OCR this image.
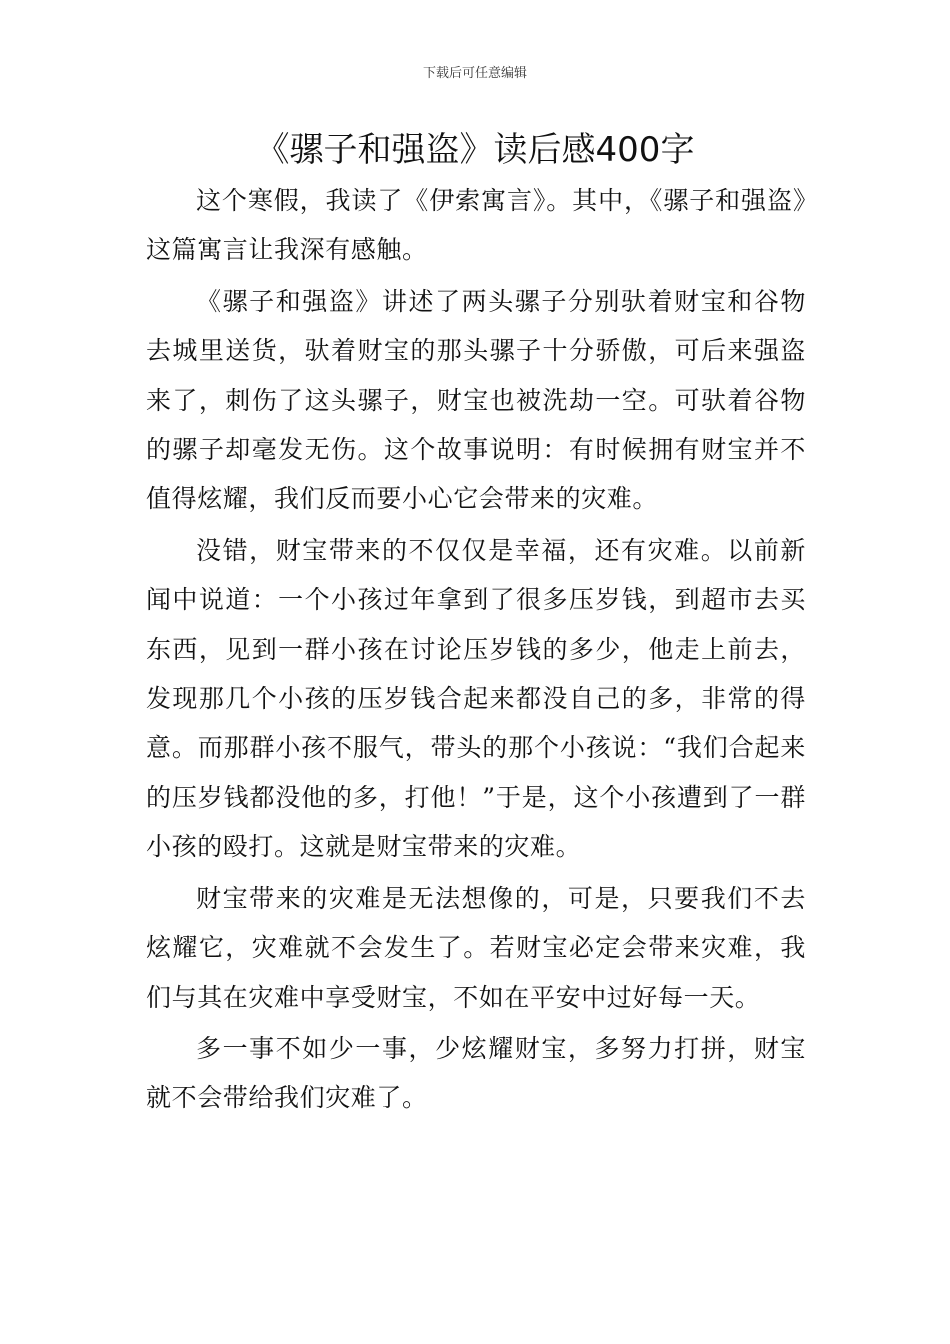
下载后可任意编辑
《骡子和强盗》读后感400字

这个寒假，我读了《伊索寓言》。其中，《骡子和强盗》这篇寓言让我深有感触。

《骡子和强盗》讲述了两头骡子分别驮着财宝和谷物去城里送货，驮着财宝的那头骡子十分骄傲，可后来强盗来了，刺伤了这头骡子，财宝也被洗劫一空。可驮着谷物的骡子却毫发无伤。这个故事说明：有时候拥有财宝并不值得炫耀，我们反而要小心它会带来的灾难。

没错，财宝带来的不仅仅是幸福，还有灾难。以前新闻中说道：一个小孩过年拿到了很多压岁钱，到超市去买东西，见到一群小孩在讨论压岁钱的多少，他走上前去，发现那几个小孩的压岁钱合起来都没自己的多，非常的得意。而那群小孩不服气，带头的那个小孩说：“我们合起来的压岁钱都没他的多，打他！”于是，这个小孩遭到了一群小孩的殴打。这就是财宝带来的灾难。

财宝带来的灾难是无法想像的，可是，只要我们不去炫耀它，灾难就不会发生了。若财宝必定会带来灾难，我们与其在灾难中享受财宝，不如在平安中过好每一天。

多一事不如少一事，少炫耀财宝，多努力打拼，财宝就不会带给我们灾难了。
